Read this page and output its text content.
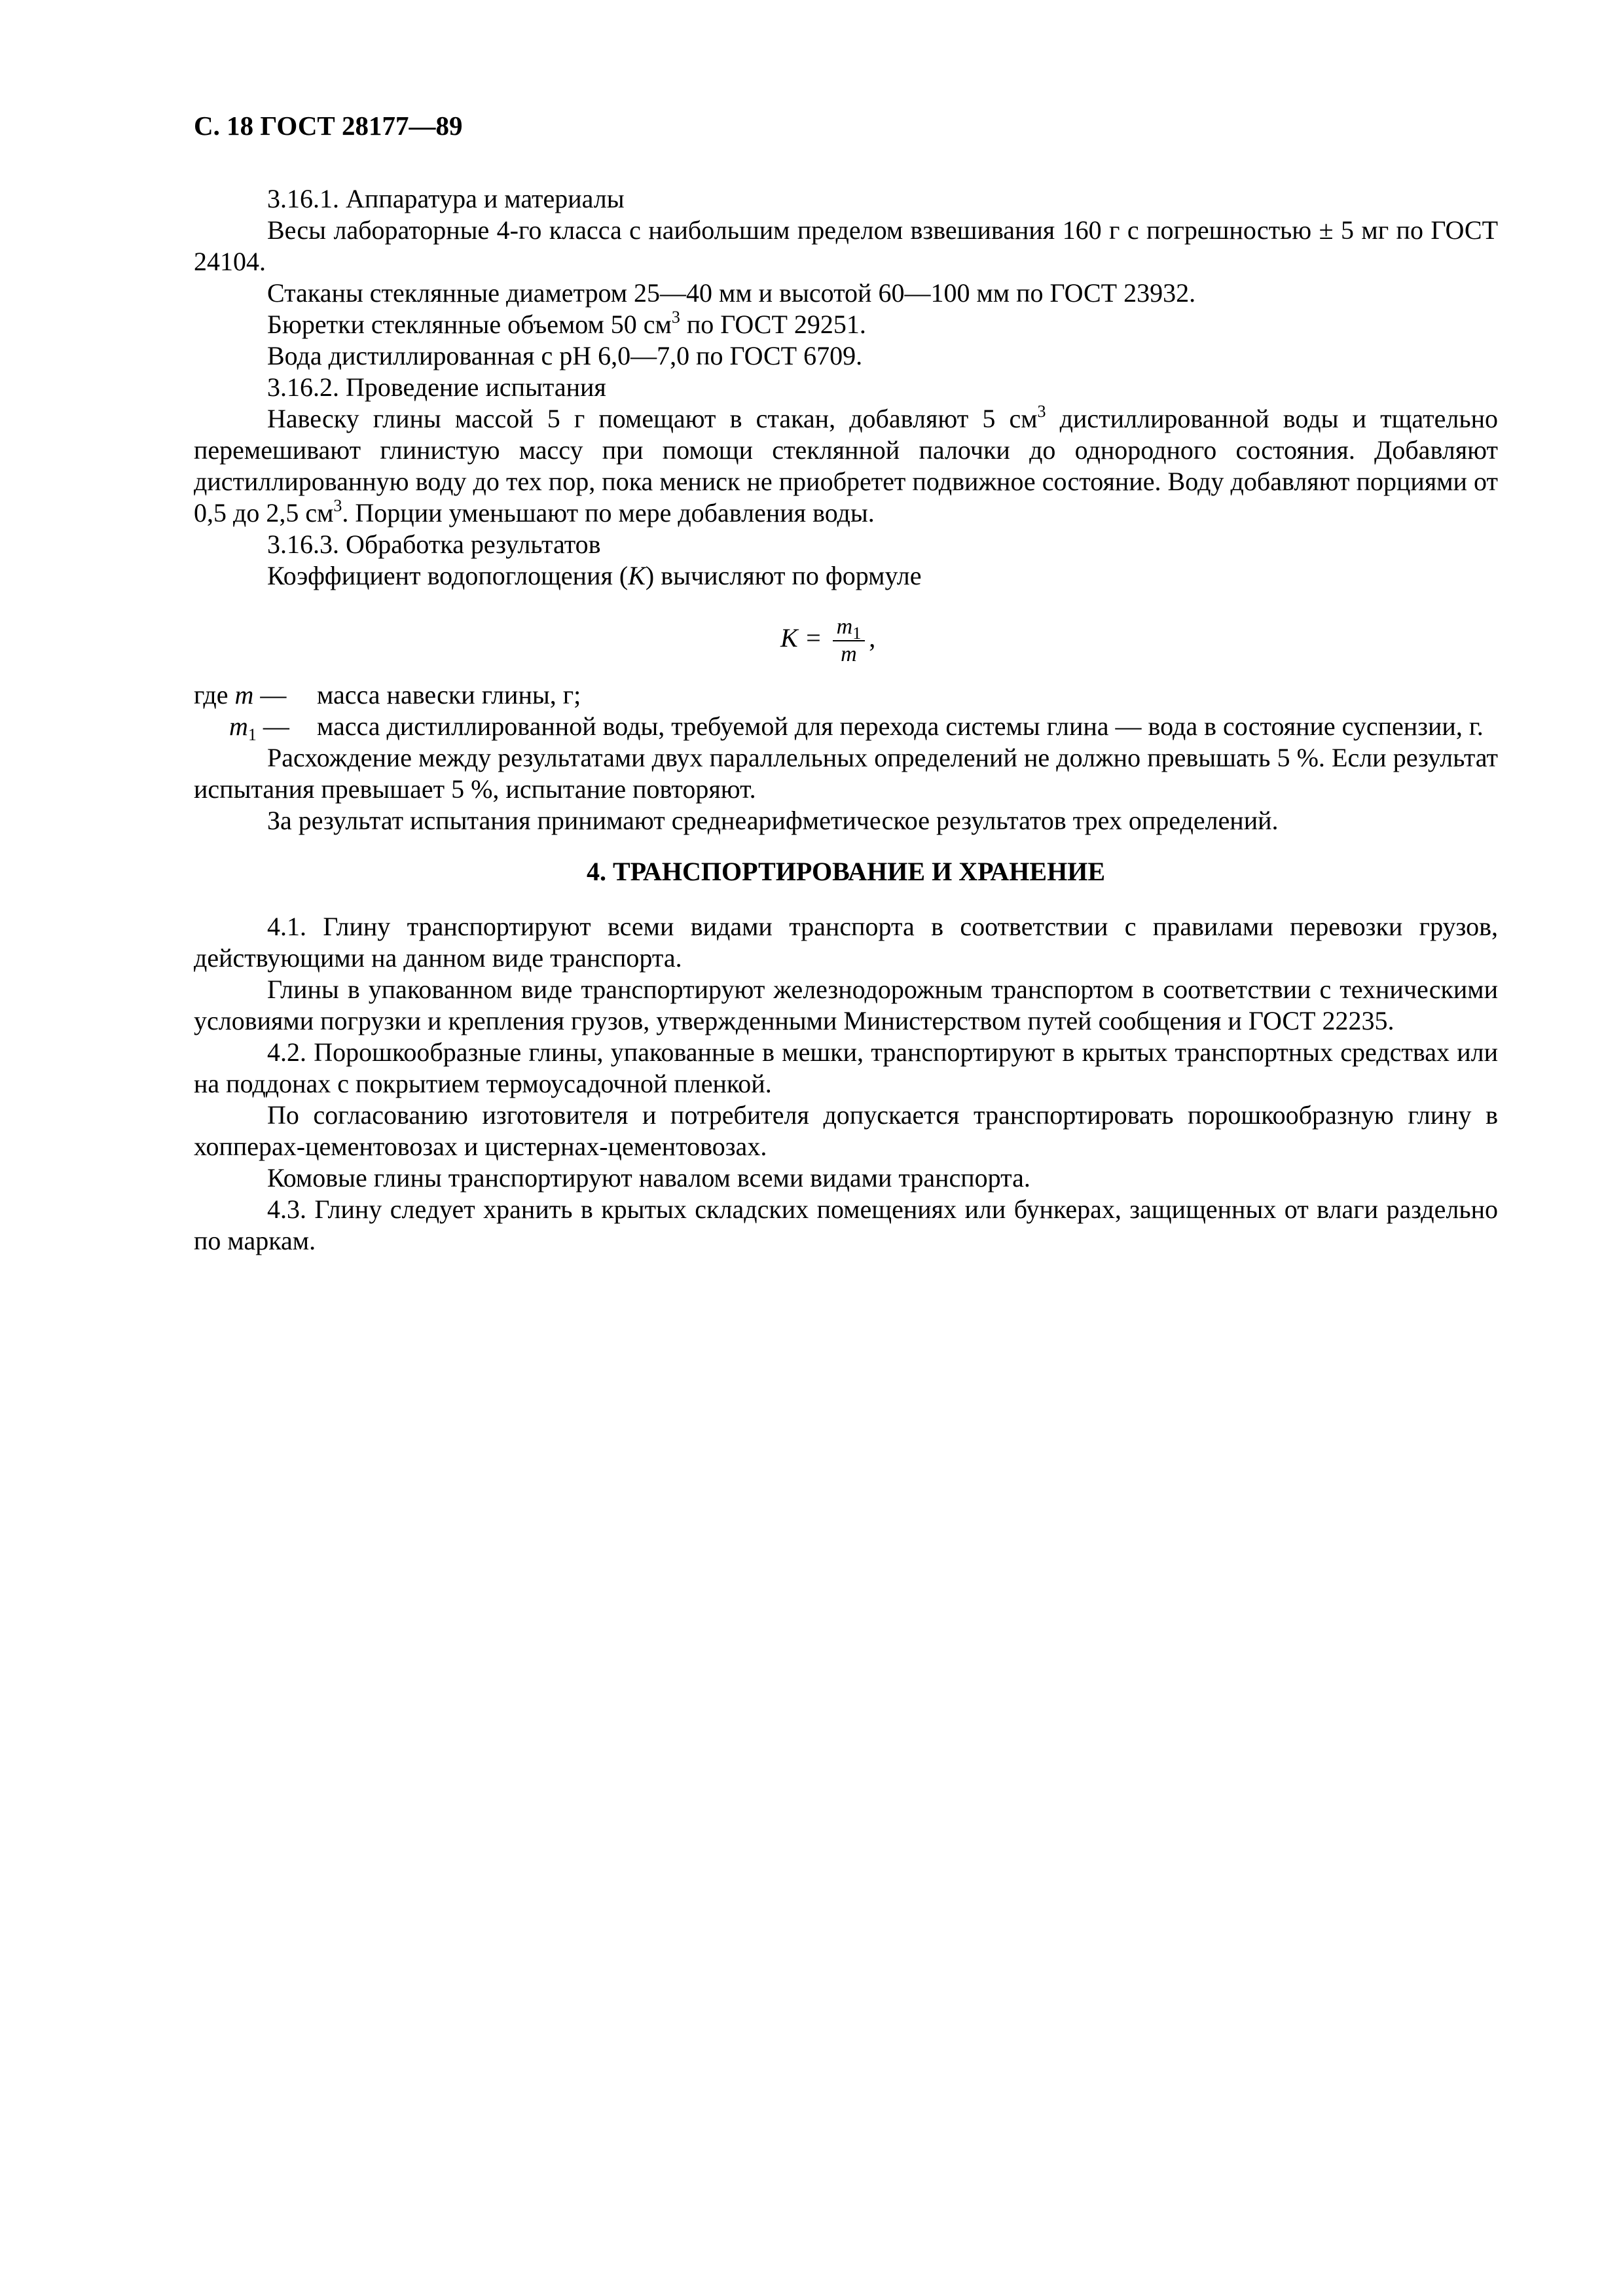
С. 18 ГОСТ 28177—89

3.16.1. Аппаратура и материалы

Весы лабораторные 4-го класса с наибольшим пределом взвешивания 160 г с погрешностью ± 5 мг по ГОСТ 24104.

Стаканы стеклянные диаметром 25—40 мм и высотой 60—100 мм по ГОСТ 23932.

Бюретки стеклянные объемом 50 $см^3$ по ГОСТ 29251.

Вода дистиллированная с рН 6,0—7,0 по ГОСТ 6709.

3.16.2. Проведение испытания

Навеску глины массой 5 г помещают в стакан, добавляют 5 $см^3$ дистиллированной воды и тщательно перемешивают глинистую массу при помощи стеклянной палочки до однородного состояния. Добавляют дистиллированную воду до тех пор, пока мениск не приобретет подвижное состояние. Воду добавляют порциями от 0,5 до 2,5 $см^3$. Порции уменьшают по мере добавления воды.

3.16.3. Обработка результатов

Коэффициент водопоглощения (K) вычисляют по формуле

$K = \frac{m_1}{m}$ ,
где m —	масса навески глины, г;
$m_1$ —	масса дистиллированной воды, требуемой для перехода системы глина — вода в состояние суспензии, г.

Расхождение между результатами двух параллельных определений не должно превышать 5 %. Если результат испытания превышает 5 %, испытание повторяют.

За результат испытания принимают среднеарифметическое результатов трех определений.

4. ТРАНСПОРТИРОВАНИЕ И ХРАНЕНИЕ

4.1. Глину транспортируют всеми видами транспорта в соответствии с правилами перевозки грузов, действующими на данном виде транспорта.

Глины в упакованном виде транспортируют железнодорожным транспортом в соответствии с техническими условиями погрузки и крепления грузов, утвержденными Министерством путей сообщения и ГОСТ 22235.

4.2. Порошкообразные глины, упакованные в мешки, транспортируют в крытых транспортных средствах или на поддонах с покрытием термоусадочной пленкой.

По согласованию изготовителя и потребителя допускается транспортировать порошкообразную глину в хопперах-цементовозах и цистернах-цементовозах.

Комовые глины транспортируют навалом всеми видами транспорта.

4.3. Глину следует хранить в крытых складских помещениях или бункерах, защищенных от влаги раздельно по маркам.
